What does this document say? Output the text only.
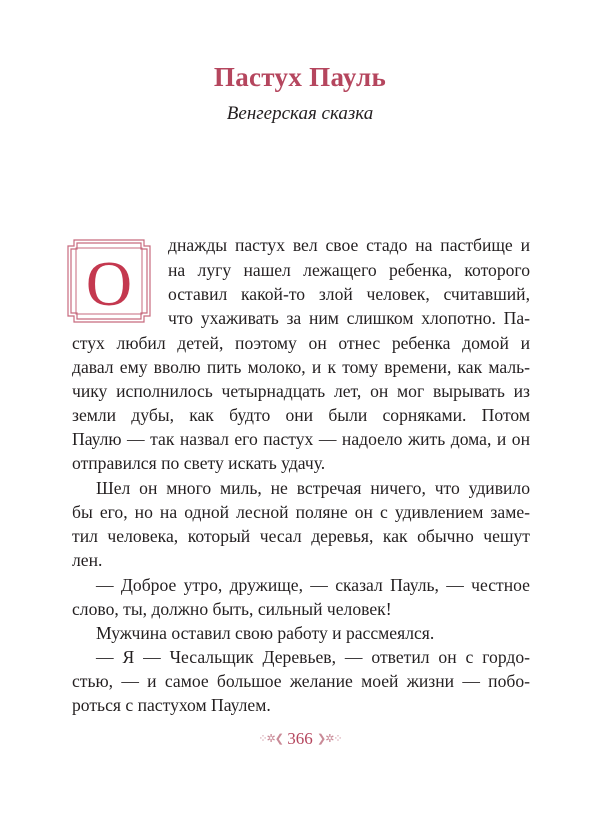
Пастух Пауль
Венгерская сказка
О
днажды пастух вел свое стадо на пастбище и
на лугу нашел лежащего ребенка, которого
оставил какой-то злой человек, считавший,
что ухаживать за ним слишком хлопотно. Па-
стух любил детей, поэтому он отнес ребенка домой и
давал ему вволю пить молоко, и к тому времени, как маль-
чику исполнилось четырнадцать лет, он мог вырывать из
земли дубы, как будто они были сорняками. Потом
Паулю — так назвал его пастух — надоело жить дома, и он
отправился по свету искать удачу.
Шел он много миль, не встречая ничего, что удивило
бы его, но на одной лесной поляне он с удивлением заме-
тил человека, который чесал деревья, как обычно чешут
лен.
— Доброе утро, дружище, — сказал Пауль, — честное
слово, ты, должно быть, сильный человек!
Мужчина оставил свою работу и рассмеялся.
— Я — Чесальщик Деревьев, — ответил он с гордо-
стью, — и самое большое желание моей жизни — побо-
роться с пастухом Паулем.
⁘✲❮ 366 ❯✲⁘
